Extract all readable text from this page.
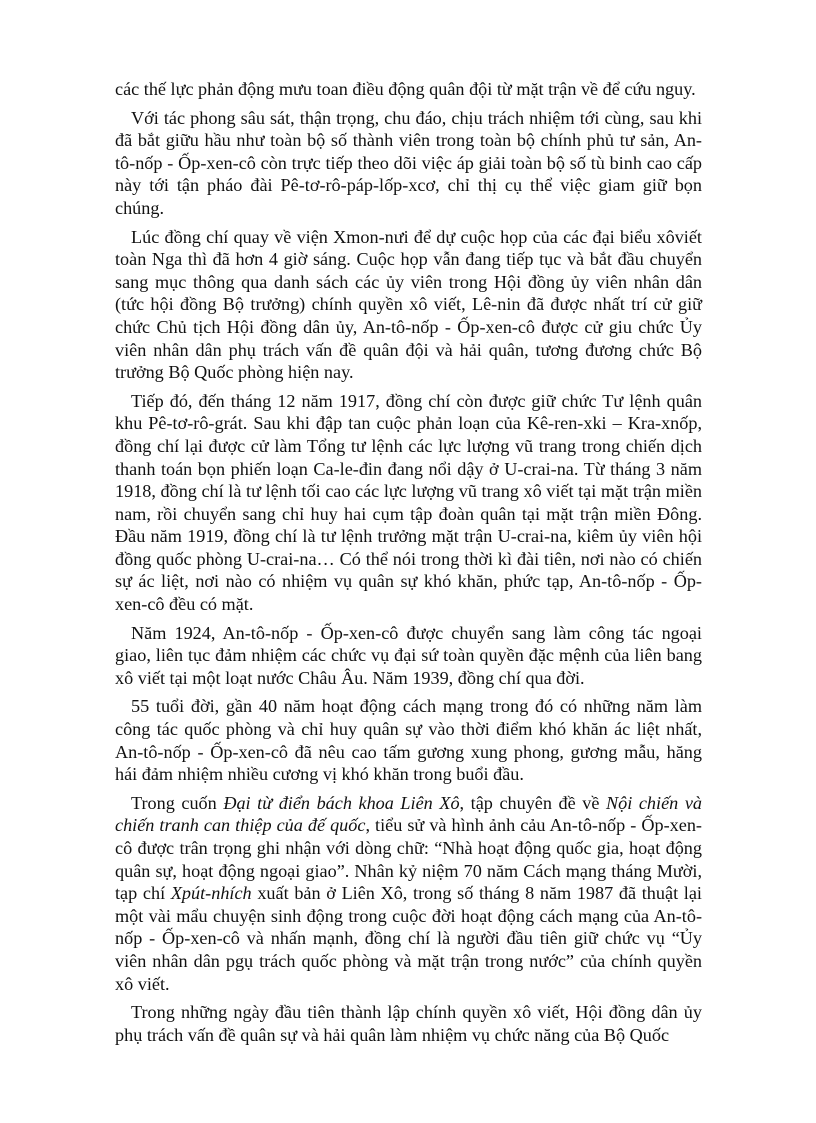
các thế lực phản động mưu toan điều động quân đội từ mặt trận về để cứu nguy.

Với tác phong sâu sát, thận trọng, chu đáo, chịu trách nhiệm tới cùng, sau khi đã bắt giữu hầu như toàn bộ số thành viên trong toàn bộ chính phủ tư sản, An-tô-nốp - Ốp-xen-cô còn trực tiếp theo dõi việc áp giải toàn bộ số tù binh cao cấp này tới tận pháo đài Pê-tơ-rô-páp-lốp-xcơ, chỉ thị cụ thể việc giam giữ bọn chúng.

Lúc đồng chí quay về viện Xmon-nưi để dự cuộc họp của các đại biểu xôviết toàn Nga thì đã hơn 4 giờ sáng. Cuộc họp vẫn đang tiếp tục và bắt đầu chuyển sang mục thông qua danh sách các ủy viên trong Hội đồng ủy viên nhân dân (tức hội đồng Bộ trưởng) chính quyền xô viết, Lê-nin đã được nhất trí cử giữ chức Chủ tịch Hội đồng dân ủy, An-tô-nốp - Ốp-xen-cô được cử giu chức Ủy viên nhân dân phụ trách vấn đề quân đội và hải quân, tương đương chức Bộ trưởng Bộ Quốc phòng hiện nay.

Tiếp đó, đến tháng 12 năm 1917, đồng chí còn được giữ chức Tư lệnh quân khu Pê-tơ-rô-grát. Sau khi đập tan cuộc phản loạn của Kê-ren-xki – Kra-xnốp, đồng chí lại được cử làm Tổng tư lệnh các lực lượng vũ trang trong chiến dịch thanh toán bọn phiến loạn Ca-le-đin đang nổi dậy ở U-crai-na. Từ tháng 3 năm 1918, đồng chí là tư lệnh tối cao các lực lượng vũ trang xô viết tại mặt trận miền nam, rồi chuyển sang chỉ huy hai cụm tập đoàn quân tại mặt trận miền Đông. Đầu năm 1919, đồng chí là tư lệnh trưởng mặt trận U-crai-na, kiêm ủy viên hội đồng quốc phòng U-crai-na… Có thể nói trong thời kì đài tiên, nơi nào có chiến sự ác liệt, nơi nào có nhiệm vụ quân sự khó khăn, phức tạp, An-tô-nốp - Ốp-xen-cô đều có mặt.

Năm 1924, An-tô-nốp - Ốp-xen-cô được chuyển sang làm công tác ngoại giao, liên tục đảm nhiệm các chức vụ đại sứ toàn quyền đặc mệnh của liên bang xô viết tại một loạt nước Châu Âu. Năm 1939, đồng chí qua đời.

55 tuổi đời, gần 40 năm hoạt động cách mạng trong đó có những năm làm công tác quốc phòng và chỉ huy quân sự vào thời điểm khó khăn ác liệt nhất, An-tô-nốp - Ốp-xen-cô đã nêu cao tấm gương xung phong, gương mẫu, hăng hái đảm nhiệm nhiều cương vị khó khăn trong buổi đầu.

Trong cuốn Đại từ điển bách khoa Liên Xô, tập chuyên đề về Nội chiến và chiến tranh can thiệp của đế quốc, tiểu sử và hình ảnh cảu An-tô-nốp - Ốp-xen-cô được trân trọng ghi nhận với dòng chữ: “Nhà hoạt động quốc gia, hoạt động quân sự, hoạt động ngoại giao”. Nhân kỷ niệm 70 năm Cách mạng tháng Mười, tạp chí Xpút-nhích xuất bản ở Liên Xô, trong số tháng 8 năm 1987 đã thuật lại một vài mẩu chuyện sinh động trong cuộc đời hoạt động cách mạng của An-tô-nốp - Ốp-xen-cô và nhấn mạnh, đồng chí là người đầu tiên giữ chức vụ “Ủy viên nhân dân pgụ trách quốc phòng và mặt trận trong nước” của chính quyền xô viết.

Trong những ngày đầu tiên thành lập chính quyền xô viết, Hội đồng dân ủy phụ trách vấn đề quân sự và hải quân làm nhiệm vụ chức năng của Bộ Quốc
